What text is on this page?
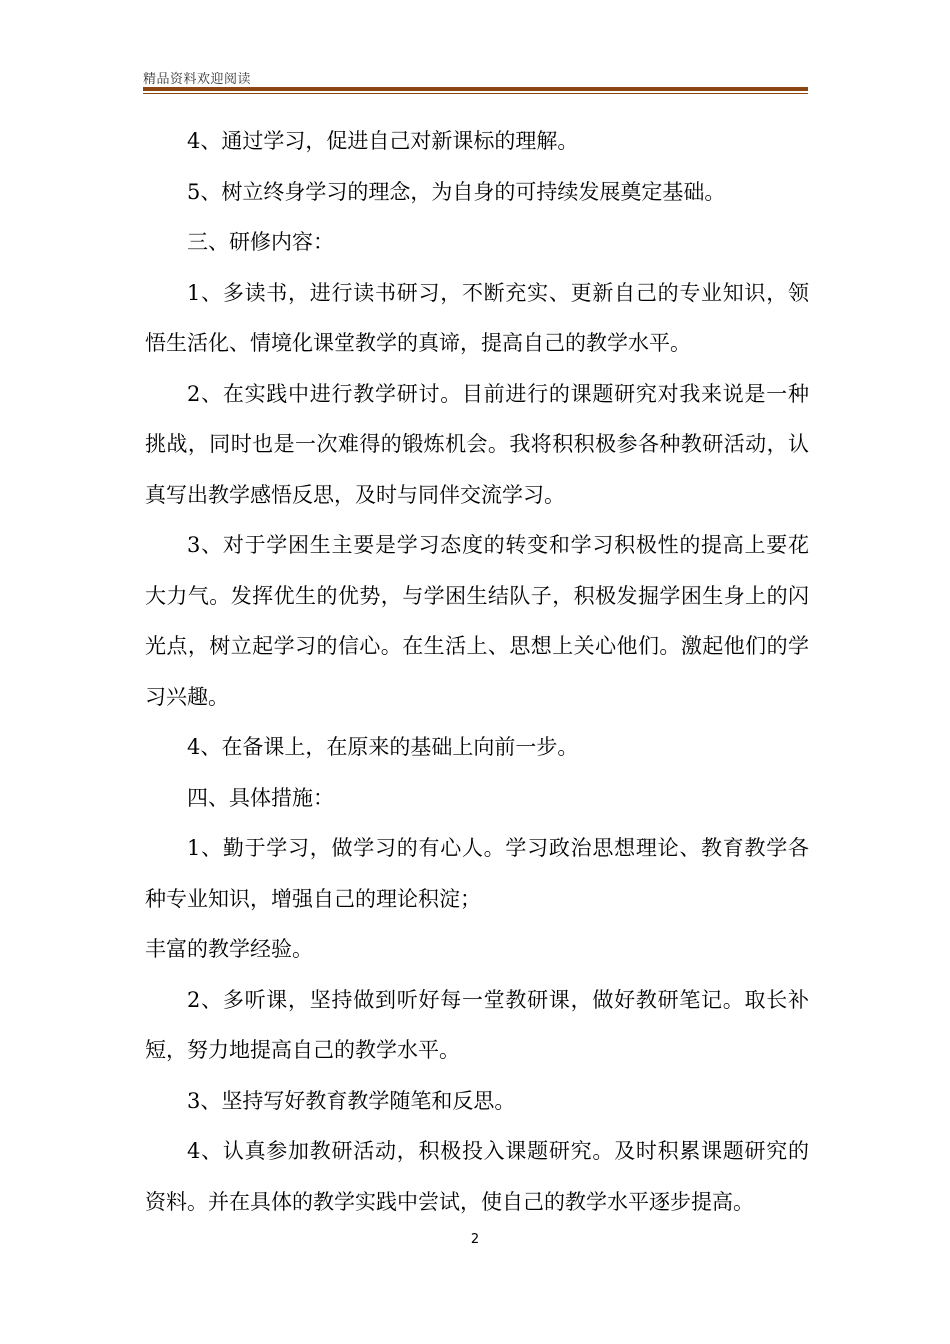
精品资料欢迎阅读

4、通过学习，促进自己对新课标的理解。

5、树立终身学习的理念，为自身的可持续发展奠定基础。

三、研修内容：

1、多读书，进行读书研习，不断充实、更新自己的专业知识，领悟生活化、情境化课堂教学的真谛，提高自己的教学水平。

2、在实践中进行教学研讨。目前进行的课题研究对我来说是一种挑战，同时也是一次难得的锻炼机会。我将积积极参各种教研活动，认真写出教学感悟反思，及时与同伴交流学习。

3、对于学困生主要是学习态度的转变和学习积极性的提高上要花大力气。发挥优生的优势，与学困生结队子，积极发掘学困生身上的闪光点，树立起学习的信心。在生活上、思想上关心他们。激起他们的学习兴趣。

4、在备课上，在原来的基础上向前一步。

四、具体措施：

1、勤于学习，做学习的有心人。学习政治思想理论、教育教学各种专业知识，增强自己的理论积淀；

丰富的教学经验。

2、多听课，坚持做到听好每一堂教研课，做好教研笔记。取长补短，努力地提高自己的教学水平。

3、坚持写好教育教学随笔和反思。

4、认真参加教研活动，积极投入课题研究。及时积累课题研究的资料。并在具体的教学实践中尝试，使自己的教学水平逐步提高。

2
